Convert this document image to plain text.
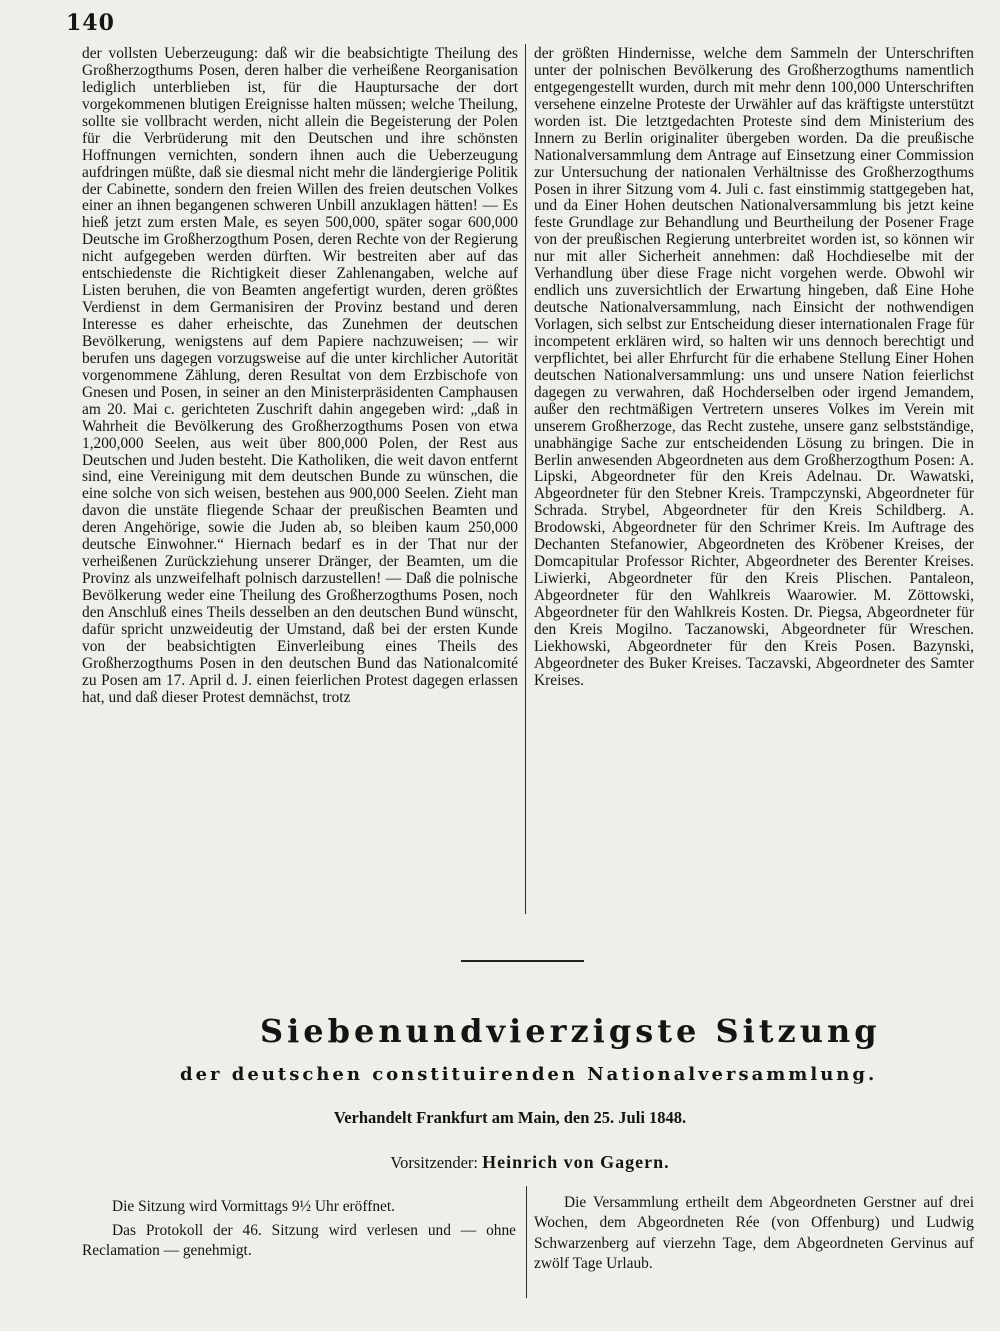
140
der vollsten Ueberzeugung: daß wir die beabsichtigte Theilung des Großherzogthums Posen, deren halber die verheißene Reorganisation lediglich unterblieben ist, für die Hauptursache der dort vorgekommenen blutigen Ereignisse halten müssen; welche Theilung, sollte sie vollbracht werden, nicht allein die Begeisterung der Polen für die Verbrüderung mit den Deutschen und ihre schönsten Hoffnungen vernichten, sondern ihnen auch die Ueberzeugung aufdringen müßte, daß sie diesmal nicht mehr die ländergierige Politik der Cabinette, sondern den freien Willen des freien deutschen Volkes einer an ihnen begangenen schweren Unbill anzuklagen hätten! — Es hieß jetzt zum ersten Male, es seyen 500,000, später sogar 600,000 Deutsche im Großherzogthum Posen, deren Rechte von der Regierung nicht aufgegeben werden dürften. Wir bestreiten aber auf das entschiedenste die Richtigkeit dieser Zahlenangaben, welche auf Listen beruhen, die von Beamten angefertigt wurden, deren größtes Verdienst in dem Germanisiren der Provinz bestand und deren Interesse es daher erheischte, das Zunehmen der deutschen Bevölkerung, wenigstens auf dem Papiere nachzuweisen; — wir berufen uns dagegen vorzugsweise auf die unter kirchlicher Autorität vorgenommene Zählung, deren Resultat von dem Erzbischofe von Gnesen und Posen, in seiner an den Ministerpräsidenten Camphausen am 20. Mai c. gerichteten Zuschrift dahin angegeben wird: „daß in Wahrheit die Bevölkerung des Großherzogthums Posen von etwa 1,200,000 Seelen, aus weit über 800,000 Polen, der Rest aus Deutschen und Juden besteht. Die Katholiken, die weit davon entfernt sind, eine Vereinigung mit dem deutschen Bunde zu wünschen, die eine solche von sich weisen, bestehen aus 900,000 Seelen. Zieht man davon die unstäte fliegende Schaar der preußischen Beamten und deren Angehörige, sowie die Juden ab, so bleiben kaum 250,000 deutsche Einwohner.“ Hiernach bedarf es in der That nur der verheißenen Zurückziehung unserer Dränger, der Beamten, um die Provinz als unzweifelhaft polnisch darzustellen! — Daß die polnische Bevölkerung weder eine Theilung des Großherzogthums Posen, noch den Anschluß eines Theils desselben an den deutschen Bund wünscht, dafür spricht unzweideutig der Umstand, daß bei der ersten Kunde von der beabsichtigten Einverleibung eines Theils des Großherzogthums Posen in den deutschen Bund das Nationalcomité zu Posen am 17. April d. J. einen feierlichen Protest dagegen erlassen hat, und daß dieser Protest demnächst, trotz
der größten Hindernisse, welche dem Sammeln der Unterschriften unter der polnischen Bevölkerung des Großherzogthums namentlich entgegengestellt wurden, durch mit mehr denn 100,000 Unterschriften versehene einzelne Proteste der Urwähler auf das kräftigste unterstützt worden ist. Die letztgedachten Proteste sind dem Ministerium des Innern zu Berlin originaliter übergeben worden. Da die preußische Nationalversammlung dem Antrage auf Einsetzung einer Commission zur Untersuchung der nationalen Verhältnisse des Großherzogthums Posen in ihrer Sitzung vom 4. Juli c. fast einstimmig stattgegeben hat, und da Einer Hohen deutschen Nationalversammlung bis jetzt keine feste Grundlage zur Behandlung und Beurtheilung der Posener Frage von der preußischen Regierung unterbreitet worden ist, so können wir nur mit aller Sicherheit annehmen: daß Hochdieselbe mit der Verhandlung über diese Frage nicht vorgehen werde. Obwohl wir endlich uns zuversichtlich der Erwartung hingeben, daß Eine Hohe deutsche Nationalversammlung, nach Einsicht der nothwendigen Vorlagen, sich selbst zur Entscheidung dieser internationalen Frage für incompetent erklären wird, so halten wir uns dennoch berechtigt und verpflichtet, bei aller Ehrfurcht für die erhabene Stellung Einer Hohen deutschen Nationalversammlung: uns und unsere Nation feierlichst dagegen zu verwahren, daß Hochderselben oder irgend Jemandem, außer den rechtmäßigen Vertretern unseres Volkes im Verein mit unserem Großherzoge, das Recht zustehe, unsere ganz selbstständige, unabhängige Sache zur entscheidenden Lösung zu bringen. Die in Berlin anwesenden Abgeordneten aus dem Großherzogthum Posen: A. Lipski, Abgeordneter für den Kreis Adelnau. Dr. Wawatski, Abgeordneter für den Stebner Kreis. Trampczynski, Abgeordneter für Schrada. Strybel, Abgeordneter für den Kreis Schildberg. A. Brodowski, Abgeordneter für den Schrimer Kreis. Im Auftrage des Dechanten Stefanowier, Abgeordneten des Kröbener Kreises, der Domcapitular Professor Richter, Abgeordneter des Berenter Kreises. Liwierki, Abgeordneter für den Kreis Plischen. Pantaleon, Abgeordneter für den Wahlkreis Waarowier. M. Zöttowski, Abgeordneter für den Wahlkreis Kosten. Dr. Piegsa, Abgeordneter für den Kreis Mogilno. Taczanowski, Abgeordneter für Wreschen. Liekhowski, Abgeordneter für den Kreis Posen. Bazynski, Abgeordneter des Buker Kreises. Taczavski, Abgeordneter des Samter Kreises.
Siebenundvierzigste Sitzung
der deutschen constituirenden Nationalversammlung.
Verhandelt Frankfurt am Main, den 25. Juli 1848.
Vorsitzender: Heinrich von Gagern.

Die Sitzung wird Vormittags 9½ Uhr eröffnet.

Das Protokoll der 46. Sitzung wird verlesen und — ohne Reclamation — genehmigt.

Die Versammlung ertheilt dem Abgeordneten Gerstner auf drei Wochen, dem Abgeordneten Rée (von Offenburg) und Ludwig Schwarzenberg auf vierzehn Tage, dem Abgeordneten Gervinus auf zwölf Tage Urlaub.
